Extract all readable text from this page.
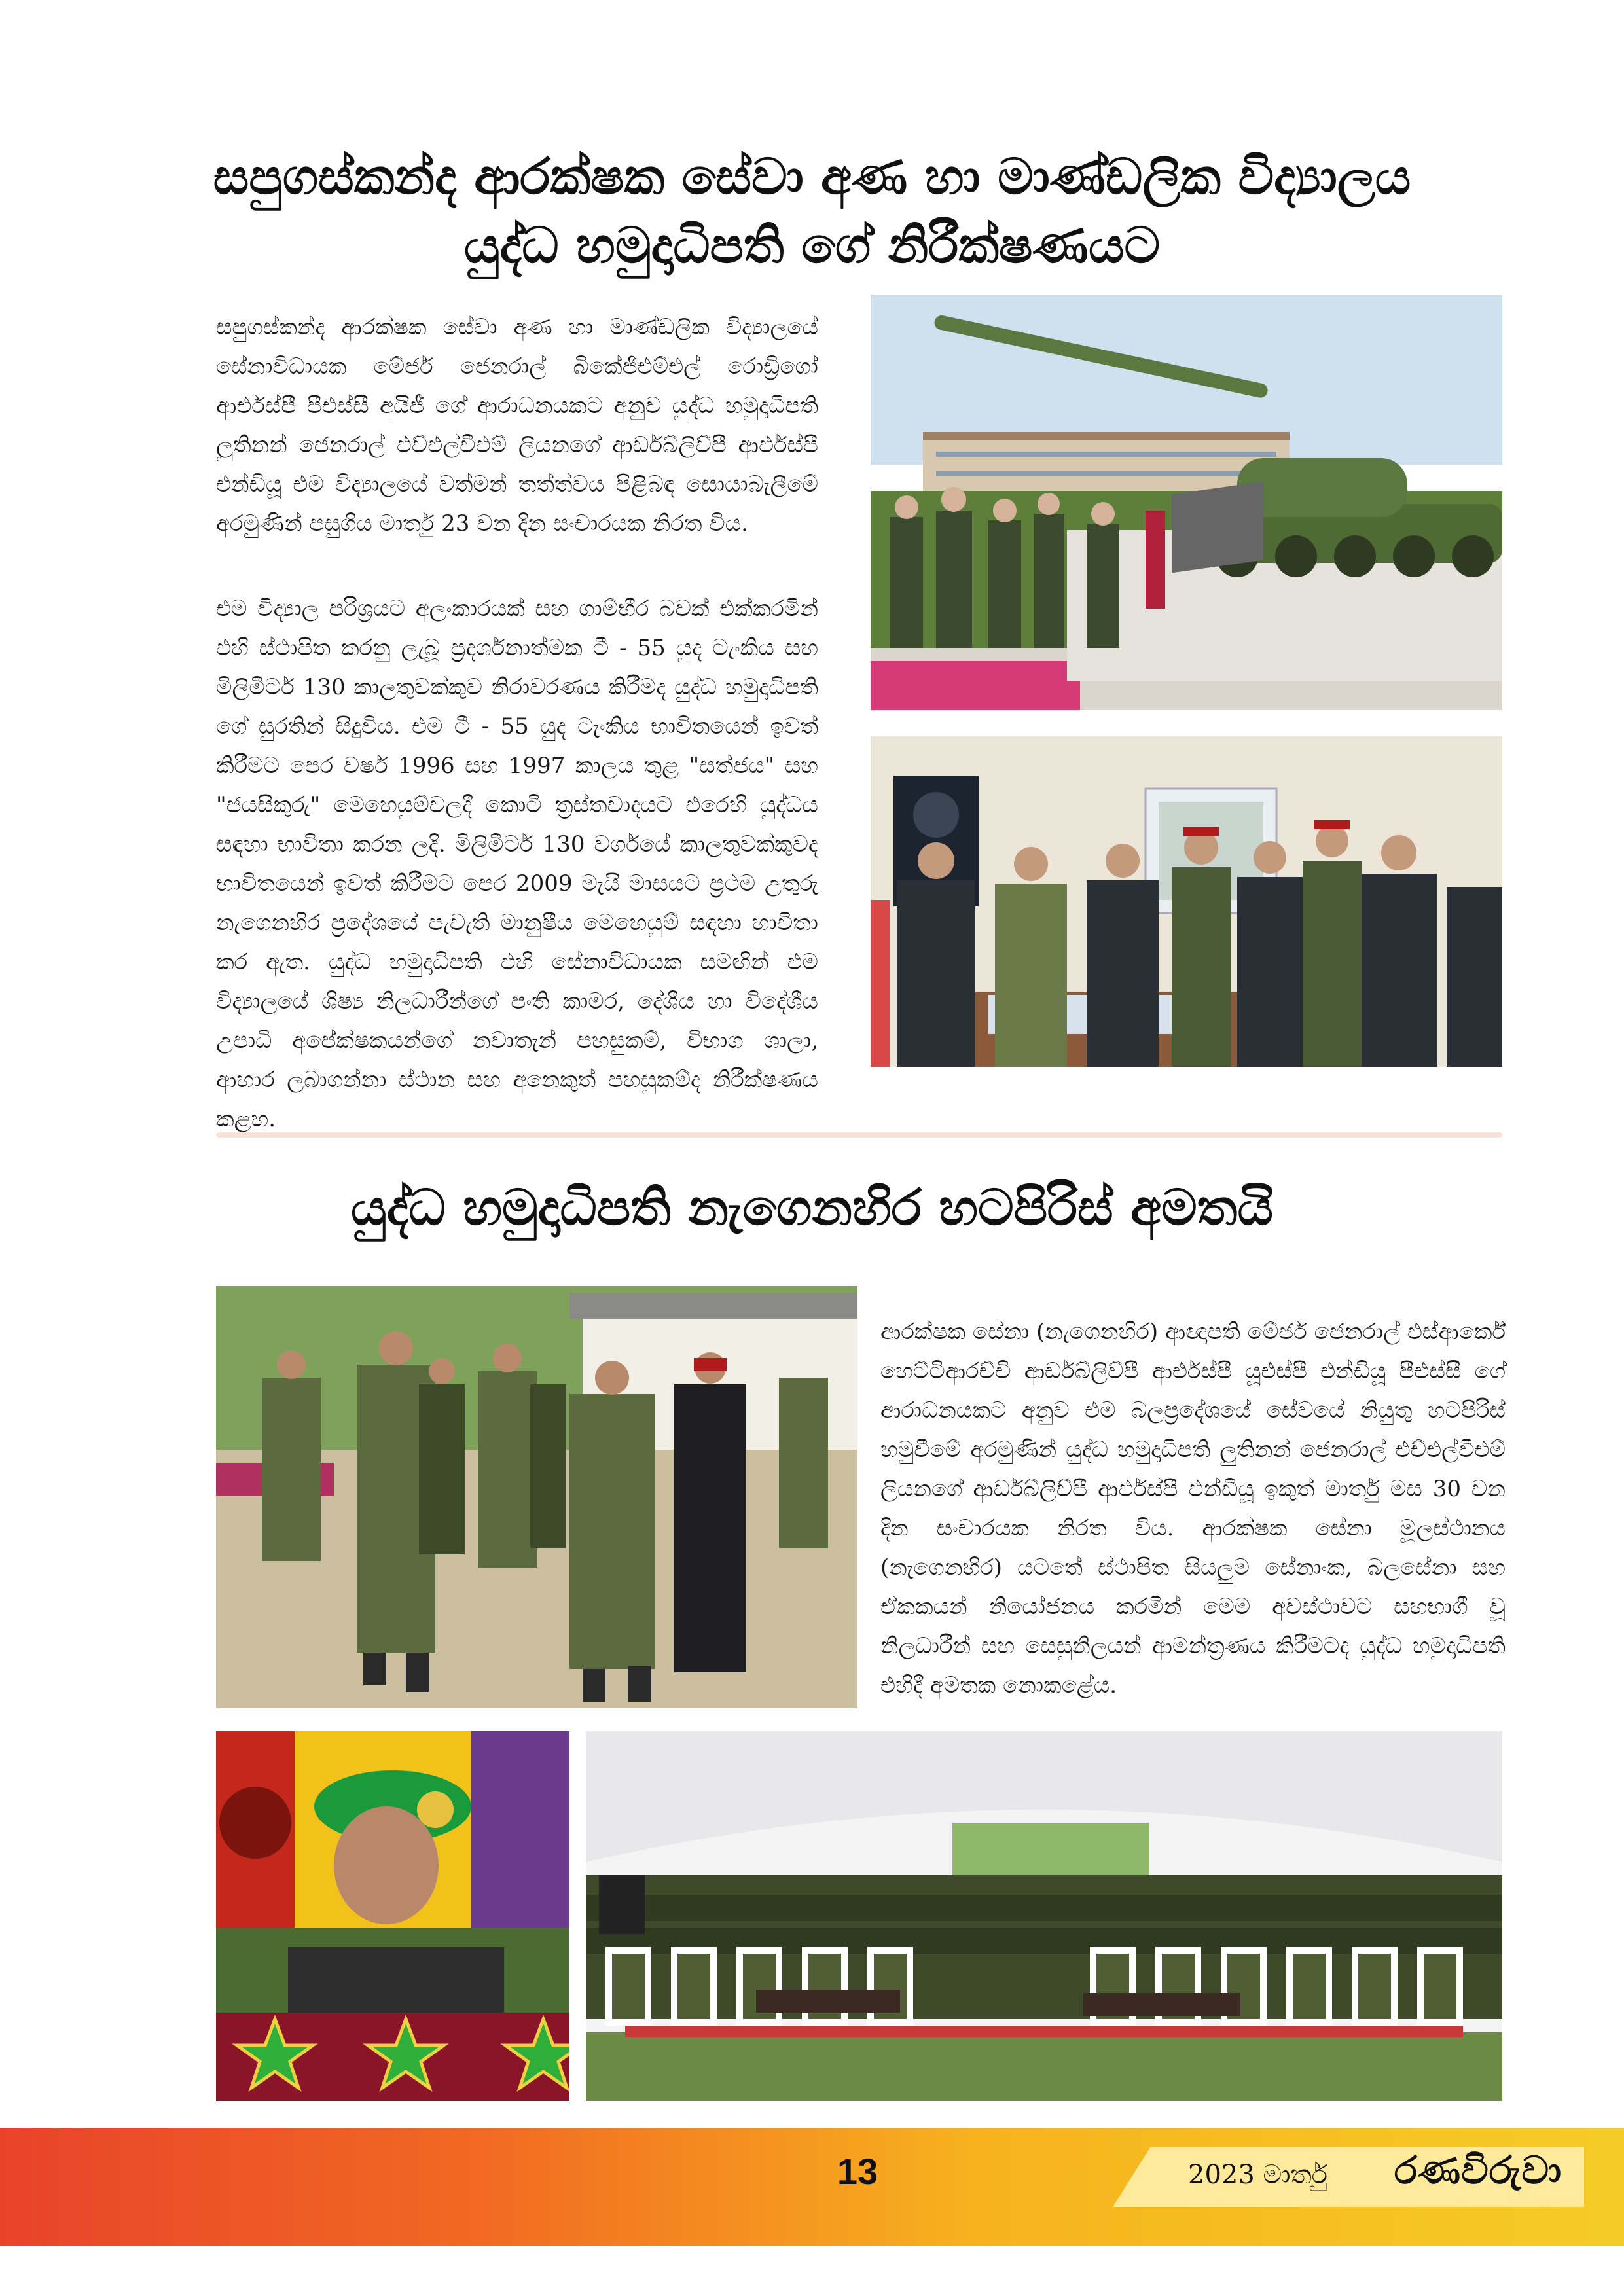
සපුගස්කන්ද ආරක්ෂක සේවා අණ හා මාණ්ඩලික විද්‍යාලය
යුද්ධ හමුදාධිපති ගේ නිරීක්ෂණයට

සපුගස්කන්ද ආරක්ෂක සේවා අණ හා මාණ්ඩලික විද්‍යාලයේ සේනාවිධායක මේජර් ජෙනරාල් බිකේජිඑම්එල් රොඩ්‍රිගෝ ආර්එස්පී පීඑස්සී අයිජී ගේ ආරාධනයකට අනුව යුද්ධ හමුදාධිපති ලුතිනන් ජෙනරාල් එච්එල්වීඑම් ලියනගේ ආර්ඩබ්ලිව්පී ආර්එස්පී එන්ඩියූ එම විද්‍යාලයේ වත්මන් තත්ත්වය පිළිබඳ සොයාබැලීමේ අරමුණින් පසුගිය මාර්තු 23 වන දින සංචාරයක නිරත විය.

එම විද්‍යාල පරිශ්‍රයට අලංකාරයක් සහ ගාම්භීර බවක් එක්කරමින් එහි ස්ථාපිත කරනු ලැබූ ප්‍රදර්ශනාත්මක ටී - 55 යුද ටැංකිය සහ මිලිමීටර් 130 කාලතුවක්කුව නිරාවරණය කිරීමද යුද්ධ හමුදාධිපති ගේ සුරතින් සිදුවිය. එම ටී - 55 යුද ටැංකිය භාවිතයෙන් ඉවත් කිරීමට පෙර වර්ෂ 1996 සහ 1997 කාලය තුළ "සත්ජය" සහ "ජයසිකුරු" මෙහෙයුම්වලදී කොටි ත්‍රස්තවාදයට එරෙහි යුද්ධය සඳහා භාවිතා කරන ලදි. මිලිමීටර් 130 වර්ගයේ කාලතුවක්කුවද භාවිතයෙන් ඉවත් කිරීමට පෙර 2009 මැයි මාසයට ප්‍රථම උතුරු නැගෙනහිර ප්‍රදේශයේ පැවැති මානුෂීය මෙහෙයුම් සඳහා භාවිතා කර ඇත. යුද්ධ හමුදාධිපති එහි සේනාවිධායක සමඟින් එම විද්‍යාලයේ ශිෂ්‍ය නිලධාරීන්ගේ පංති කාමර, දේශීය හා විදේශීය උපාධි අපේක්ෂකයන්ගේ නවාතැන් පහසුකම්, විභාග ශාලා, ආහාර ලබාගන්නා ස්ථාන සහ අනෙකුත් පහසුකම්ද නිරීක්ෂණය කළහ.

යුද්ධ හමුදාධිපති නැගෙනහිර හටපිරිස් අමතයි

ආරක්ෂක සේනා (නැගෙනහිර) ආඥාපති මේජර් ජෙනරාල් එස්ආර්කේ හෙට්ටිආරච්චි ආර්ඩබ්ලිව්පී ආර්එස්පී යූඑස්පී එන්ඩියූ පීඑස්සී ගේ ආරාධනයකට අනුව එම බලප්‍රදේශයේ සේවයේ නියුතු හටපිරිස් හමුවීමේ අරමුණින් යුද්ධ හමුදාධිපති ලුතිනන් ජෙනරාල් එච්එල්වීඑම් ලියනගේ ආර්ඩබ්ලිව්පී ආර්එස්පී එන්ඩියූ ඉකුත් මාර්තු මස 30 වන දින සංචාරයක නිරත විය. ආරක්ෂක සේනා මූලස්ථානය (නැගෙනහිර) යටතේ ස්ථාපිත සියලුම සේනාංක, බලසේනා සහ ඒකකයන් නියෝජනය කරමින් මෙම අවස්ථාවට සහභාගී වූ නිලධාරීන් සහ සෙසුනිලයන් ආමන්ත්‍රණය කිරීමටද යුද්ධ හමුදාධිපති එහිදී අමතක නොකළේය.

13	2023 මාර්තු රණවිරුවා
